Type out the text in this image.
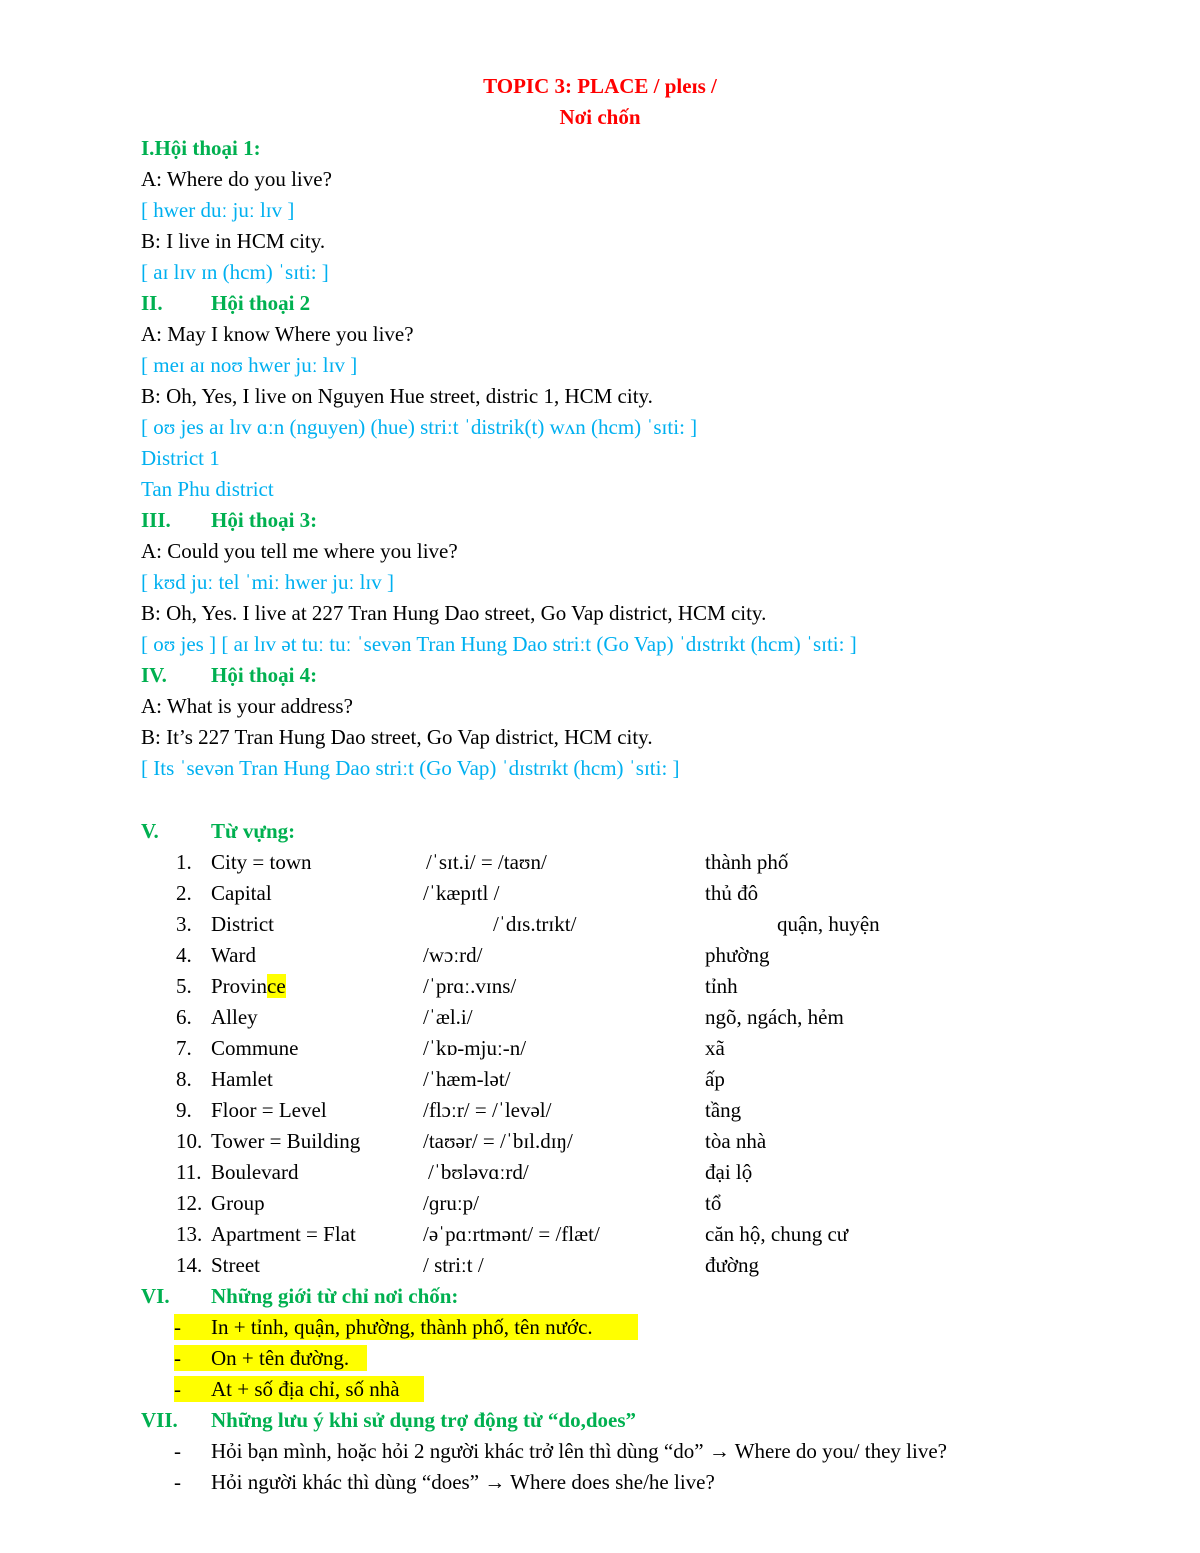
TOPIC 3: PLACE / pleɪs /
Nơi chốn
I.Hội thoại 1:
A: Where do you live?
[ hwer duː juː lɪv ]
B: I live in HCM city.
[ aɪ lɪv ɪn (hcm) ˈsɪti: ]
II. Hội thoại 2
A: May I know Where you live?
[ meɪ aɪ noʊ hwer juː lɪv ]
B: Oh, Yes, I live on Nguyen Hue street, distric 1, HCM city.
[ oʊ jes aɪ lɪv ɑːn (nguyen) (hue) striːt ˈdistrik(t) wʌn (hcm) ˈsɪti: ]
District 1
Tan Phu district
III. Hội thoại 3:
A: Could you tell me where you live?
[ kʊd juː tel ˈmiː hwer juː lɪv ]
B: Oh, Yes. I live at 227 Tran Hung Dao street, Go Vap district, HCM city.
[ oʊ jes ] [ aɪ lɪv ət tuː tuː ˈsevən Tran Hung Dao striːt (Go Vap) ˈdɪstrɪkt (hcm) ˈsɪti: ]
IV. Hội thoại 4:
A: What is your address?
B: It’s 227 Tran Hung Dao street, Go Vap district, HCM city.
[ Its ˈsevən Tran Hung Dao striːt (Go Vap) ˈdɪstrɪkt (hcm) ˈsɪti: ]
V. Từ vựng:
1. City = town	/ˈsɪt.i/ = /taʊn/	thành phố
2. Capital	/ˈkæpɪtl /	thủ đô
3. District	/ˈdɪs.trɪkt/	quận, huyện
4. Ward	/wɔːrd/	phường
5. Province	/ˈprɑː.vɪns/	tỉnh
6. Alley	/ˈæl.i/	ngõ, ngách, hẻm
7. Commune	/ˈkɒ-mjuː-n/	xã
8. Hamlet	/ˈhæm-lət/	ấp
9. Floor = Level	/flɔːr/ = /ˈlevəl/	tầng
10. Tower = Building	/taʊər/ = /ˈbɪl.dɪŋ/	tòa nhà
11. Boulevard	/ˈbʊləvɑːrd/	đại lộ
12. Group	/ɡruːp/	tổ
13. Apartment = Flat	/əˈpɑːrtmənt/ = /flæt/	căn hộ, chung cư
14. Street	/ striːt /	đường
VI. Những giới từ chỉ nơi chốn:
- In + tỉnh, quận, phường, thành phố, tên nước.
- On + tên đường.
- At + số địa chỉ, số nhà
VII. Những lưu ý khi sử dụng trợ động từ “do,does”
- Hỏi bạn mình, hoặc hỏi 2 người khác trở lên thì dùng “do” → Where do you/ they live?
- Hỏi người khác thì dùng “does” → Where does she/he live?
